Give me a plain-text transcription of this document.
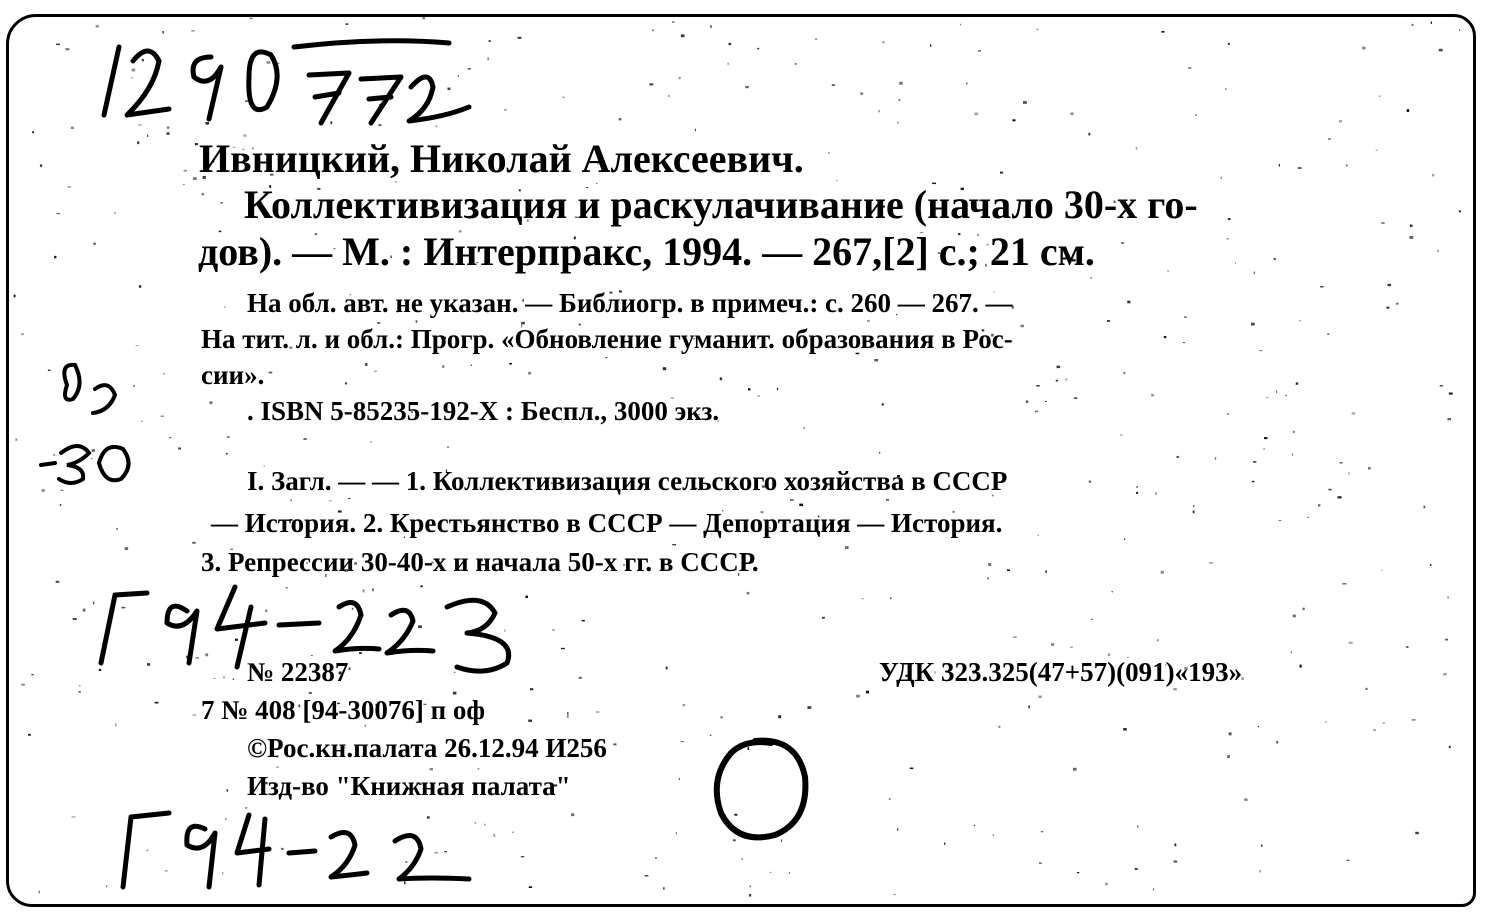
Ивницкий, Николай Алексеевич.
Коллективизация и раскулачивание (начало 30-х го-
дов). — М. : Интерпракс, 1994. — 267,[2] с.; 21 см.
На обл. авт. не указан. — Библиогр. в примеч.: с. 260 — 267. —
На тит. л. и обл.: Прогр. «Обновление гуманит. образования в Рос-
сии».
. ISBN 5-85235-192-X : Беспл., 3000 экз.
I. Загл. — — 1. Коллективизация сельского хозяйства в СССР
— История. 2. Крестьянство в СССР — Депортация — История.
3. Репрессии 30-40-х и начала 50-х гг. в СССР.
№ 22387	УДК 323.325(47+57)(091)«193»
7 № 408 [94-30076] п оф
©Рос.кн.палата 26.12.94 И256
Изд-во "Книжная палата"
